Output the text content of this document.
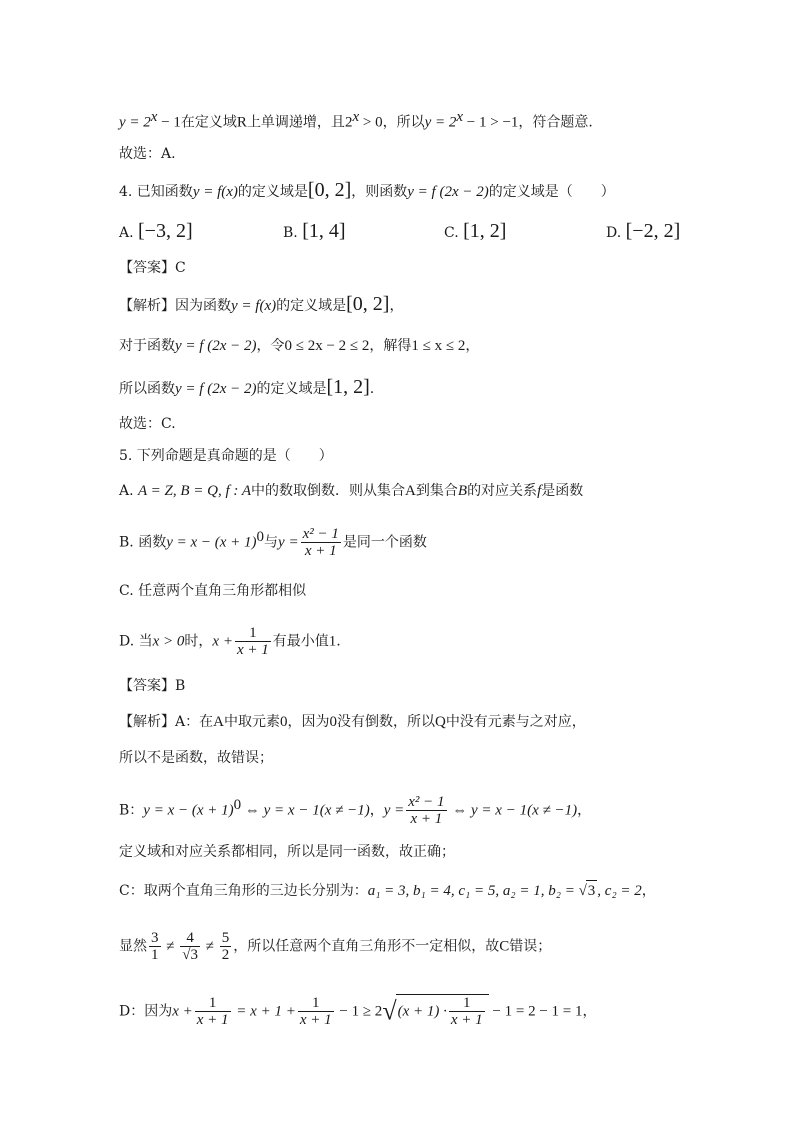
$y = 2^x - 1$在定义域R上单调递增，且$2^x > 0$，所以$y = 2^x - 1 > -1$，符合题意.
故选：A.
4. 已知函数y = f(x)的定义域是[0, 2]，则函数y = f (2x − 2)的定义域是（　　）
A. [−3, 2]	B. [1, 4]	C. [1, 2]	D. [−2, 2]
【答案】C
【解析】因为函数y = f(x)的定义域是[0, 2]，
对于函数y = f (2x − 2)，令0 ≤ 2x − 2 ≤ 2，解得1 ≤ x ≤ 2，
所以函数y = f (2x − 2)的定义域是[1, 2].
故选：C.
5. 下列命题是真命题的是（　　）
A. A = Z, B = Q, f : A中的数取倒数．则从集合A到集合B的对应关系f是函数
B. 函数$y = x - (x + 1)^0$与$y = \frac{\text{x² − 1}}{x + 1}$ 是同一个函数
C. 任意两个直角三角形都相似
D. 当x > 0时，$x + \frac{1}{x + 1}$ 有最小值1.
【答案】B
【解析】A：在A中取元素0，因为0没有倒数，所以Q中没有元素与之对应，
所以不是函数，故错误；
B：$y = x - (x + 1)^0$ ⇔ y = x − 1(x ≠ −1)，$y = \frac{\text{x² − 1}}{x + 1}$ ⇔ y = x − 1(x ≠ −1)，
定义域和对应关系都相同，所以是同一函数，故正确；
C：取两个直角三角形的三边长分别为：a₁ = 3, b₁ = 4, c₁ = 5, a₂ = 1, b₂ = √3 , c₂ = 2，
显然 $\frac{3}{1} \ne \frac{4}{√3} \ne \frac{5}{2}$ ，所以任意两个直角三角形不一定相似，故C错误；
D：因为$x + \frac{1}{x + 1} = x + 1 + \frac{1}{x + 1} - 1 \ge 2√(x + 1) \cdot \frac{1}{x + 1} - 1 = 2 - 1 = 1$，
